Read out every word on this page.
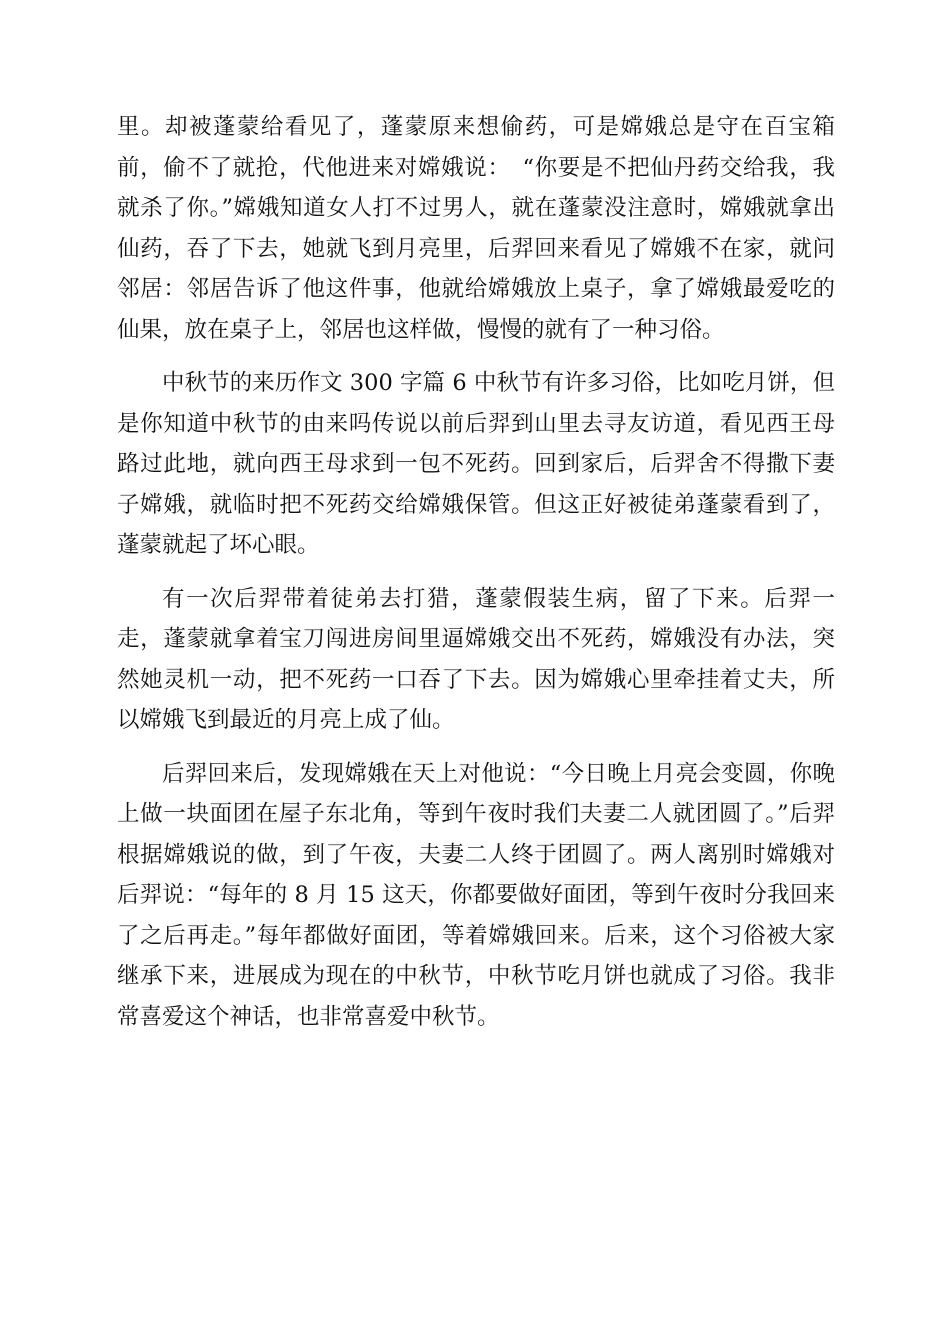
里。却被蓬蒙给看见了，蓬蒙原来想偷药，可是嫦娥总是守在百宝箱前，偷不了就抢，代他进来对嫦娥说：　“你要是不把仙丹药交给我，我就杀了你。”嫦娥知道女人打不过男人，就在蓬蒙没注意时，嫦娥就拿出仙药，吞了下去，她就飞到月亮里，后羿回来看见了嫦娥不在家，就问邻居：邻居告诉了他这件事，他就给嫦娥放上桌子，拿了嫦娥最爱吃的仙果，放在桌子上，邻居也这样做，慢慢的就有了一种习俗。

中秋节的来历作文 300 字篇 6 中秋节有许多习俗，比如吃月饼，但是你知道中秋节的由来吗传说以前后羿到山里去寻友访道，看见西王母路过此地，就向西王母求到一包不死药。回到家后，后羿舍不得撒下妻子嫦娥，就临时把不死药交给嫦娥保管。但这正好被徒弟蓬蒙看到了，蓬蒙就起了坏心眼。

有一次后羿带着徒弟去打猎，蓬蒙假装生病，留了下来。后羿一走，蓬蒙就拿着宝刀闯进房间里逼嫦娥交出不死药，嫦娥没有办法，突然她灵机一动，把不死药一口吞了下去。因为嫦娥心里牵挂着丈夫，所以嫦娥飞到最近的月亮上成了仙。

后羿回来后，发现嫦娥在天上对他说：“今日晚上月亮会变圆，你晚上做一块面团在屋子东北角，等到午夜时我们夫妻二人就团圆了。”后羿根据嫦娥说的做，到了午夜，夫妻二人终于团圆了。两人离别时嫦娥对后羿说：“每年的 8 月 15 这天，你都要做好面团，等到午夜时分我回来了之后再走。”每年都做好面团，等着嫦娥回来。后来，这个习俗被大家继承下来，进展成为现在的中秋节，中秋节吃月饼也就成了习俗。我非常喜爱这个神话，也非常喜爱中秋节。
